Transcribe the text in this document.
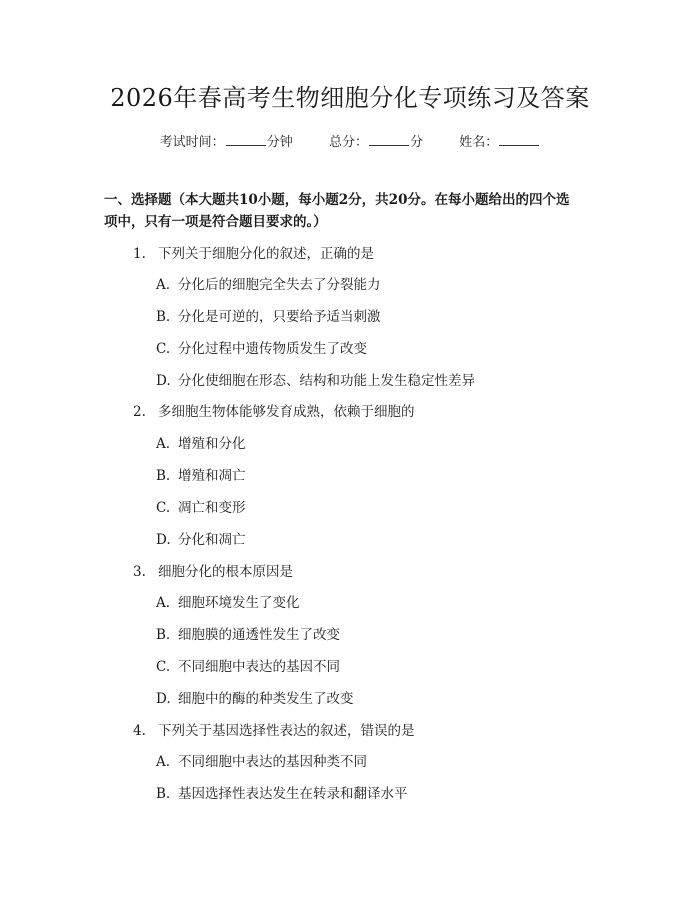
2026年春高考生物细胞分化专项练习及答案
考试时间：	分钟	总分：	分	姓名：
一、选择题（本大题共10小题，每小题2分，共20分。在每小题给出的四个选
项中，只有一项是符合题目要求的。）
1. 下列关于细胞分化的叙述，正确的是
A. 分化后的细胞完全失去了分裂能力
B. 分化是可逆的，只要给予适当刺激
C. 分化过程中遗传物质发生了改变
D. 分化使细胞在形态、结构和功能上发生稳定性差异
2. 多细胞生物体能够发育成熟，依赖于细胞的
A. 增殖和分化
B. 增殖和凋亡
C. 凋亡和变形
D. 分化和凋亡
3. 细胞分化的根本原因是
A. 细胞环境发生了变化
B. 细胞膜的通透性发生了改变
C. 不同细胞中表达的基因不同
D. 细胞中的酶的种类发生了改变
4. 下列关于基因选择性表达的叙述，错误的是
A. 不同细胞中表达的基因种类不同
B. 基因选择性表达发生在转录和翻译水平
